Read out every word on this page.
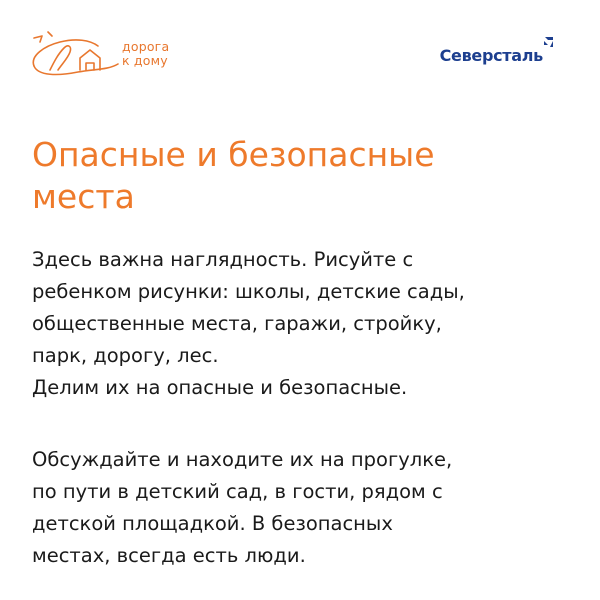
дорога
к дому	Северсталь
Опасные и безопасные
места

Здесь важна наглядность. Рисуйте с
ребенком рисунки: школы, детские сады,
общественные места, гаражи, стройку,
парк, дорогу, лес.
Делим их на опасные и безопасные.

Обсуждайте и находите их на прогулке,
по пути в детский сад, в гости, рядом с
детской площадкой. В безопасных
местах, всегда есть люди.
